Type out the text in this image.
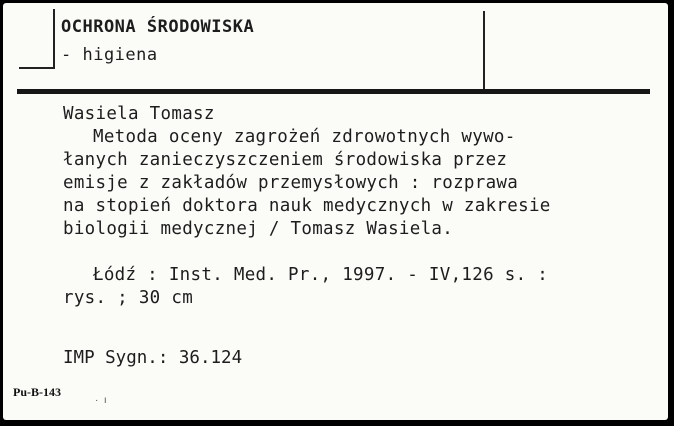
OCHRONA ŚRODOWISKA
- higiena
Wasiela Tomasz
Metoda oceny zagrożeń zdrowotnych wywo-
łanych zanieczyszczeniem środowiska przez
emisje z zakładów przemysłowych : rozprawa
na stopień doktora nauk medycznych w zakresie
biologii medycznej / Tomasz Wasiela.
Łódź : Inst. Med. Pr., 1997. - IV,126 s. :
rys. ; 30 cm
IMP Sygn.: 36.124
Pu-B-143
·  ı
